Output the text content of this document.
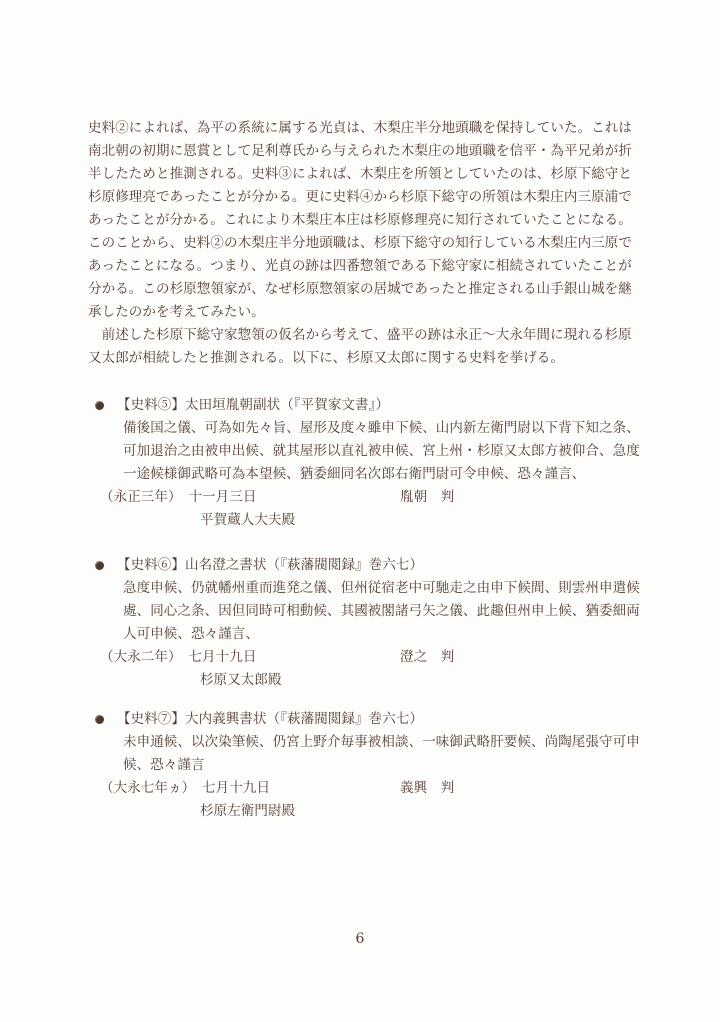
史料②によれば、為平の系統に属する光貞は、木梨庄半分地頭職を保持していた。これは
南北朝の初期に恩賞として足利尊氏から与えられた木梨庄の地頭職を信平・為平兄弟が折
半したためと推測される。史料③によれば、木梨庄を所領としていたのは、杉原下総守と
杉原修理亮であったことが分かる。更に史料④から杉原下総守の所領は木梨庄内三原浦で
あったことが分かる。これにより木梨庄本庄は杉原修理亮に知行されていたことになる。
このことから、史料②の木梨庄半分地頭職は、杉原下総守の知行している木梨庄内三原で
あったことになる。つまり、光貞の跡は四番惣領である下総守家に相続されていたことが
分かる。この杉原惣領家が、なぜ杉原惣領家の居城であったと推定される山手銀山城を継
承したのかを考えてみたい。
　前述した杉原下総守家惣領の仮名から考えて、盛平の跡は永正～大永年間に現れる杉原
又太郎が相続したと推測される。以下に、杉原又太郎に関する史料を挙げる。
【史料⑤】太田垣胤朝副状（『平賀家文書』）
備後国之儀、可為如先々旨、屋形及度々雖申下候、山内新左衛門尉以下背下知之条、
可加退治之由被申出候、就其屋形以直礼被申候、宮上州・杉原又太郎方被仰合、急度
一途候様御武略可為本望候、猶委細同名次郎右衛門尉可令申候、恐々謹言、
（永正三年）　十一月三日	胤朝　判
平賀蔵人大夫殿
【史料⑥】山名澄之書状（『萩藩閥閲録』巻六七）
急度申候、仍就幡州重而進発之儀、但州従宿老中可馳走之由申下候間、則雲州申遣候
處、同心之条、因但同時可相動候、其國被閣諸弓矢之儀、此趣但州申上候、猶委細両
人可申候、恐々謹言、
（大永二年）　七月十九日	澄之　判
杉原又太郎殿
【史料⑦】大内義興書状（『萩藩閥閲録』巻六七）
未申通候、以次染筆候、仍宮上野介毎事被相談、一味御武略肝要候、尚陶尾張守可申
候、恐々謹言
（大永七年ヵ）　七月十九日	義興　判
杉原左衛門尉殿
6
